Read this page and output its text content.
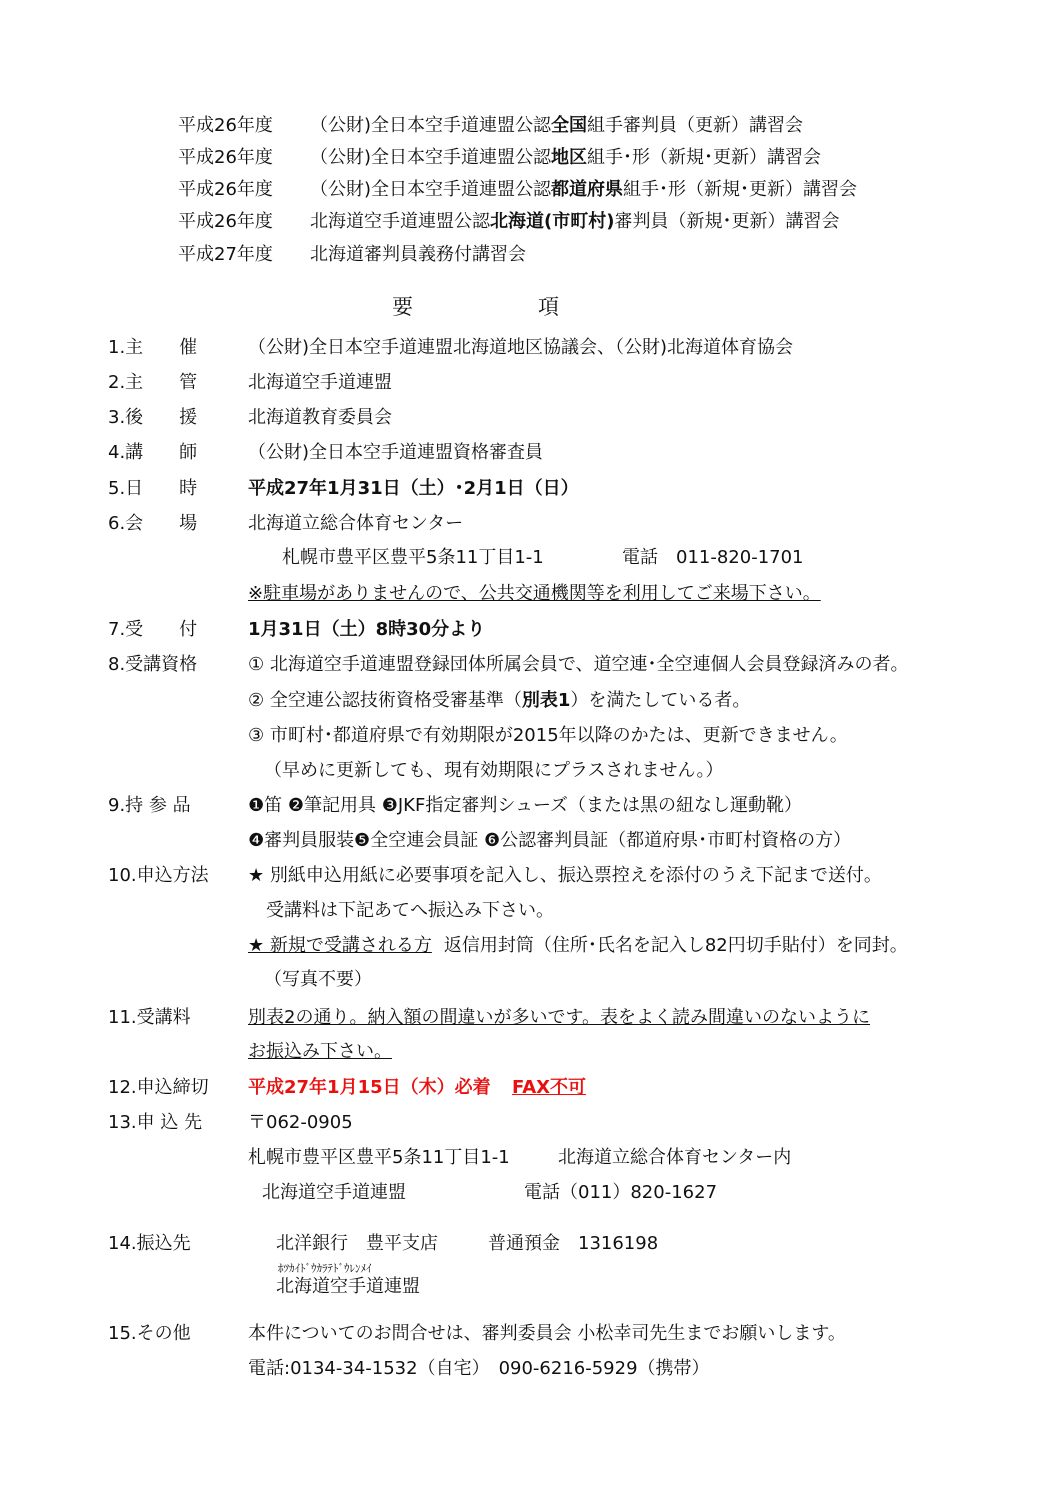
平成26年度 （公財)全日本空手道連盟公認全国組手審判員（更新）講習会
平成26年度 （公財)全日本空手道連盟公認地区組手･形（新規･更新）講習会
平成26年度 （公財)全日本空手道連盟公認都道府県組手･形（新規･更新）講習会
平成26年度 北海道空手道連盟公認北海道(市町村)審判員（新規･更新）講習会
平成27年度 北海道審判員義務付講習会
要	項
1.主　　催	（公財)全日本空手道連盟北海道地区協議会、（公財)北海道体育協会
2.主　　管	北海道空手道連盟
3.後　　援	北海道教育委員会
4.講　　師	（公財)全日本空手道連盟資格審査員
5.日　　時	平成27年1月31日（土）･2月1日（日）
6.会　　場	北海道立総合体育センター
札幌市豊平区豊平5条11丁目1-1	電話　011-820-1701
※駐車場がありませんので、公共交通機関等を利用してご来場下さい。
7.受　　付	1月31日（土）8時30分より
8.受講資格	① 北海道空手道連盟登録団体所属会員で、道空連･全空連個人会員登録済みの者。
② 全空連公認技術資格受審基準（別表1）を満たしている者。
③ 市町村･都道府県で有効期限が2015年以降のかたは、更新できません。
（早めに更新しても、現有効期限にプラスされません。）
9.持 参 品	❶笛 ❷筆記用具 ❸JKF指定審判シューズ（または黒の紐なし運動靴）
❹審判員服装❺全空連会員証 ❻公認審判員証（都道府県･市町村資格の方）
10.申込方法	★ 別紙申込用紙に必要事項を記入し、振込票控えを添付のうえ下記まで送付。
受講料は下記あてへ振込み下さい。
★ 新規で受講される方 返信用封筒（住所･氏名を記入し82円切手貼付）を同封。
（写真不要）
11.受講料	別表2の通り。納入額の間違いが多いです。表をよく読み間違いのないように
お振込み下さい。
12.申込締切	平成27年1月15日（木）必着 FAX不可
13.申 込 先	〒062-0905
札幌市豊平区豊平5条11丁目1-1	北海道立総合体育センター内
北海道空手道連盟	電話（011）820-1627
14.振込先	北洋銀行　豊平支店	普通預金　1316198
ﾎﾂｶｲﾄﾞｳｶﾗﾃﾄﾞｳﾚﾝﾒｲ
北海道空手道連盟
15.その他	本件についてのお問合せは、審判委員会 小松幸司先生までお願いします。
電話:0134-34-1532（自宅）　090-6216-5929（携帯）
